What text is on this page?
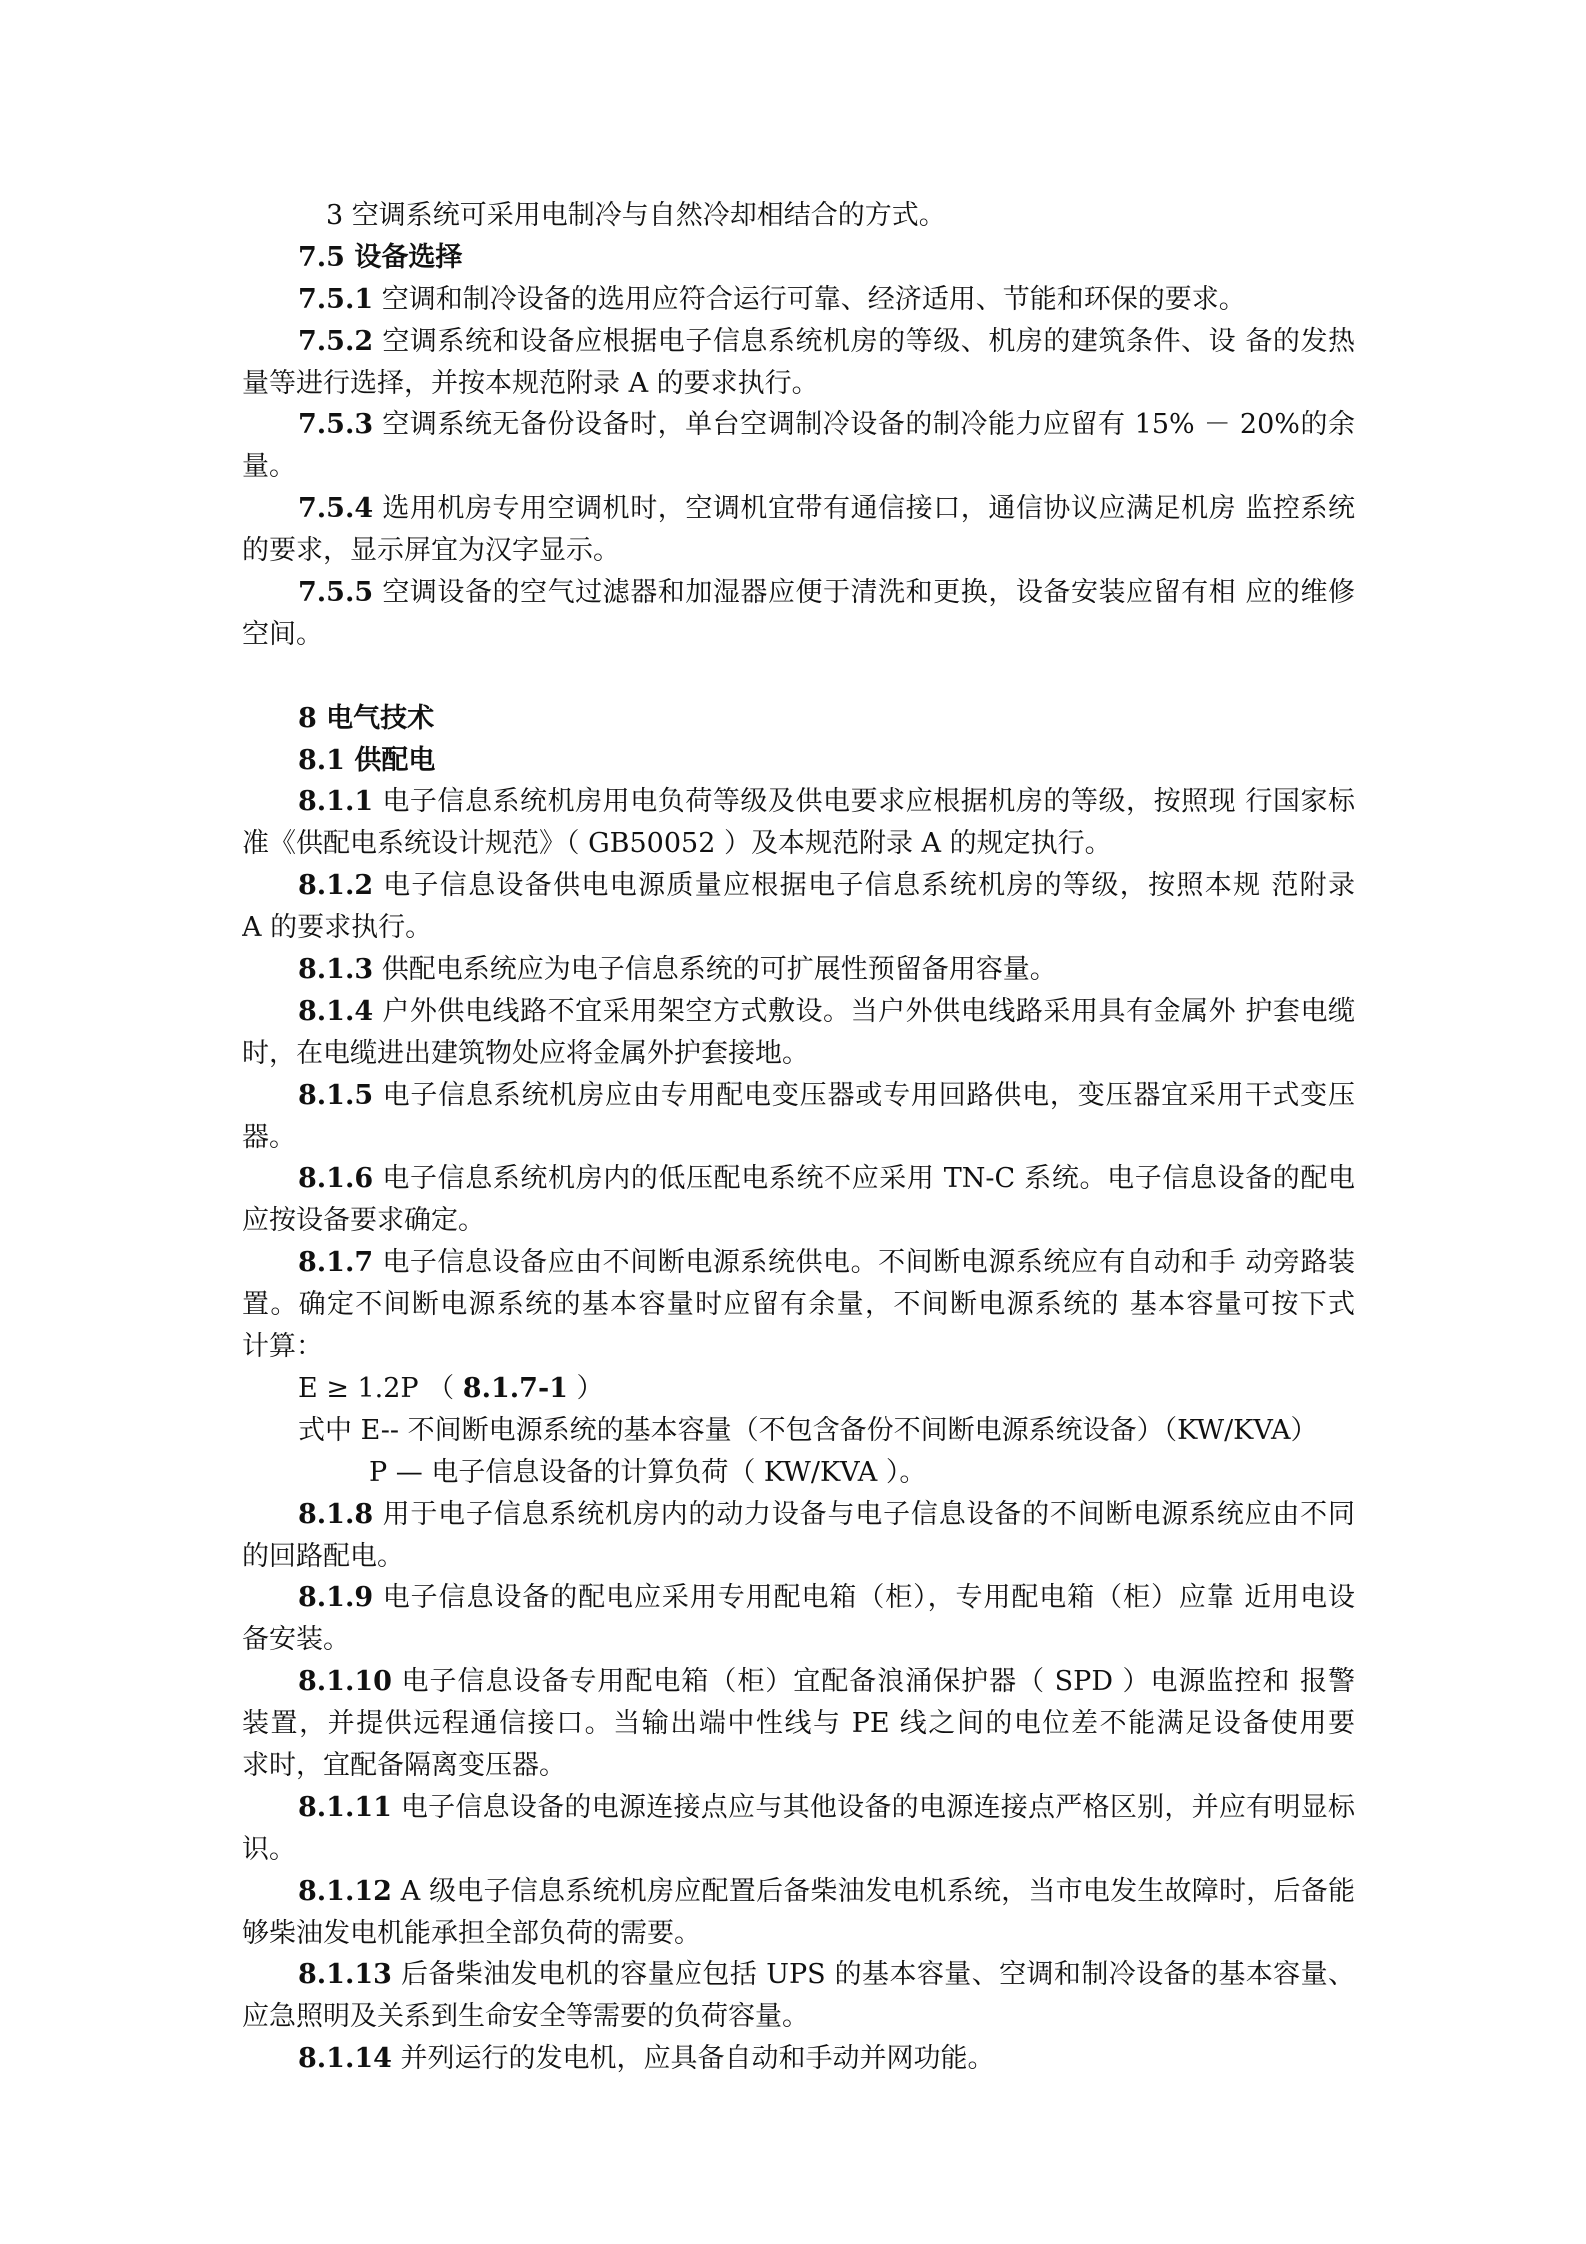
3 空调系统可采用电制冷与自然冷却相结合的方式。
7.5 设备选择
7.5.1 空调和制冷设备的选用应符合运行可靠、经济适用、节能和环保的要求。
7.5.2 空调系统和设备应根据电子信息系统机房的等级、机房的建筑条件、设 备的发热
量等进行选择，并按本规范附录 A 的要求执行。
7.5.3 空调系统无备份设备时，单台空调制冷设备的制冷能力应留有 15% － 20%的余
量。
7.5.4 选用机房专用空调机时，空调机宜带有通信接口，通信协议应满足机房 监控系统
的要求，显示屏宜为汉字显示。
7.5.5 空调设备的空气过滤器和加湿器应便于清洗和更换，设备安装应留有相 应的维修
空间。
8 电气技术
8.1 供配电
8.1.1 电子信息系统机房用电负荷等级及供电要求应根据机房的等级，按照现 行国家标
准《供配电系统设计规范》（ GB50052 ）及本规范附录 A 的规定执行。
8.1.2 电子信息设备供电电源质量应根据电子信息系统机房的等级，按照本规 范附录
A 的要求执行。
8.1.3 供配电系统应为电子信息系统的可扩展性预留备用容量。
8.1.4 户外供电线路不宜采用架空方式敷设。当户外供电线路采用具有金属外 护套电缆
时，在电缆进出建筑物处应将金属外护套接地。
8.1.5 电子信息系统机房应由专用配电变压器或专用回路供电，变压器宜采用干式变压
器。
8.1.6 电子信息系统机房内的低压配电系统不应采用 TN-C 系统。电子信息设备的配电
应按设备要求确定。
8.1.7 电子信息设备应由不间断电源系统供电。不间断电源系统应有自动和手 动旁路装
置。确定不间断电源系统的基本容量时应留有余量，不间断电源系统的 基本容量可按下式
计算：
E ≥ 1.2P （ 8.1.7-1 ）
式中 E-- 不间断电源系统的基本容量（不包含备份不间断电源系统设备）（KW/KVA）
P — 电子信息设备的计算负荷（ KW/KVA ）。
8.1.8 用于电子信息系统机房内的动力设备与电子信息设备的不间断电源系统应由不同
的回路配电。
8.1.9 电子信息设备的配电应采用专用配电箱（柜），专用配电箱（柜）应靠 近用电设
备安装。
8.1.10 电子信息设备专用配电箱（柜）宜配备浪涌保护器（ SPD ）电源监控和 报警
装置，并提供远程通信接口。当输出端中性线与 PE 线之间的电位差不能满足设备使用要
求时，宜配备隔离变压器。
8.1.11 电子信息设备的电源连接点应与其他设备的电源连接点严格区别，并应有明显标
识。
8.1.12 A 级电子信息系统机房应配置后备柴油发电机系统，当市电发生故障时，后备能
够柴油发电机能承担全部负荷的需要。
8.1.13 后备柴油发电机的容量应包括 UPS 的基本容量、空调和制冷设备的基本容量、
应急照明及关系到生命安全等需要的负荷容量。
8.1.14 并列运行的发电机，应具备自动和手动并网功能。
